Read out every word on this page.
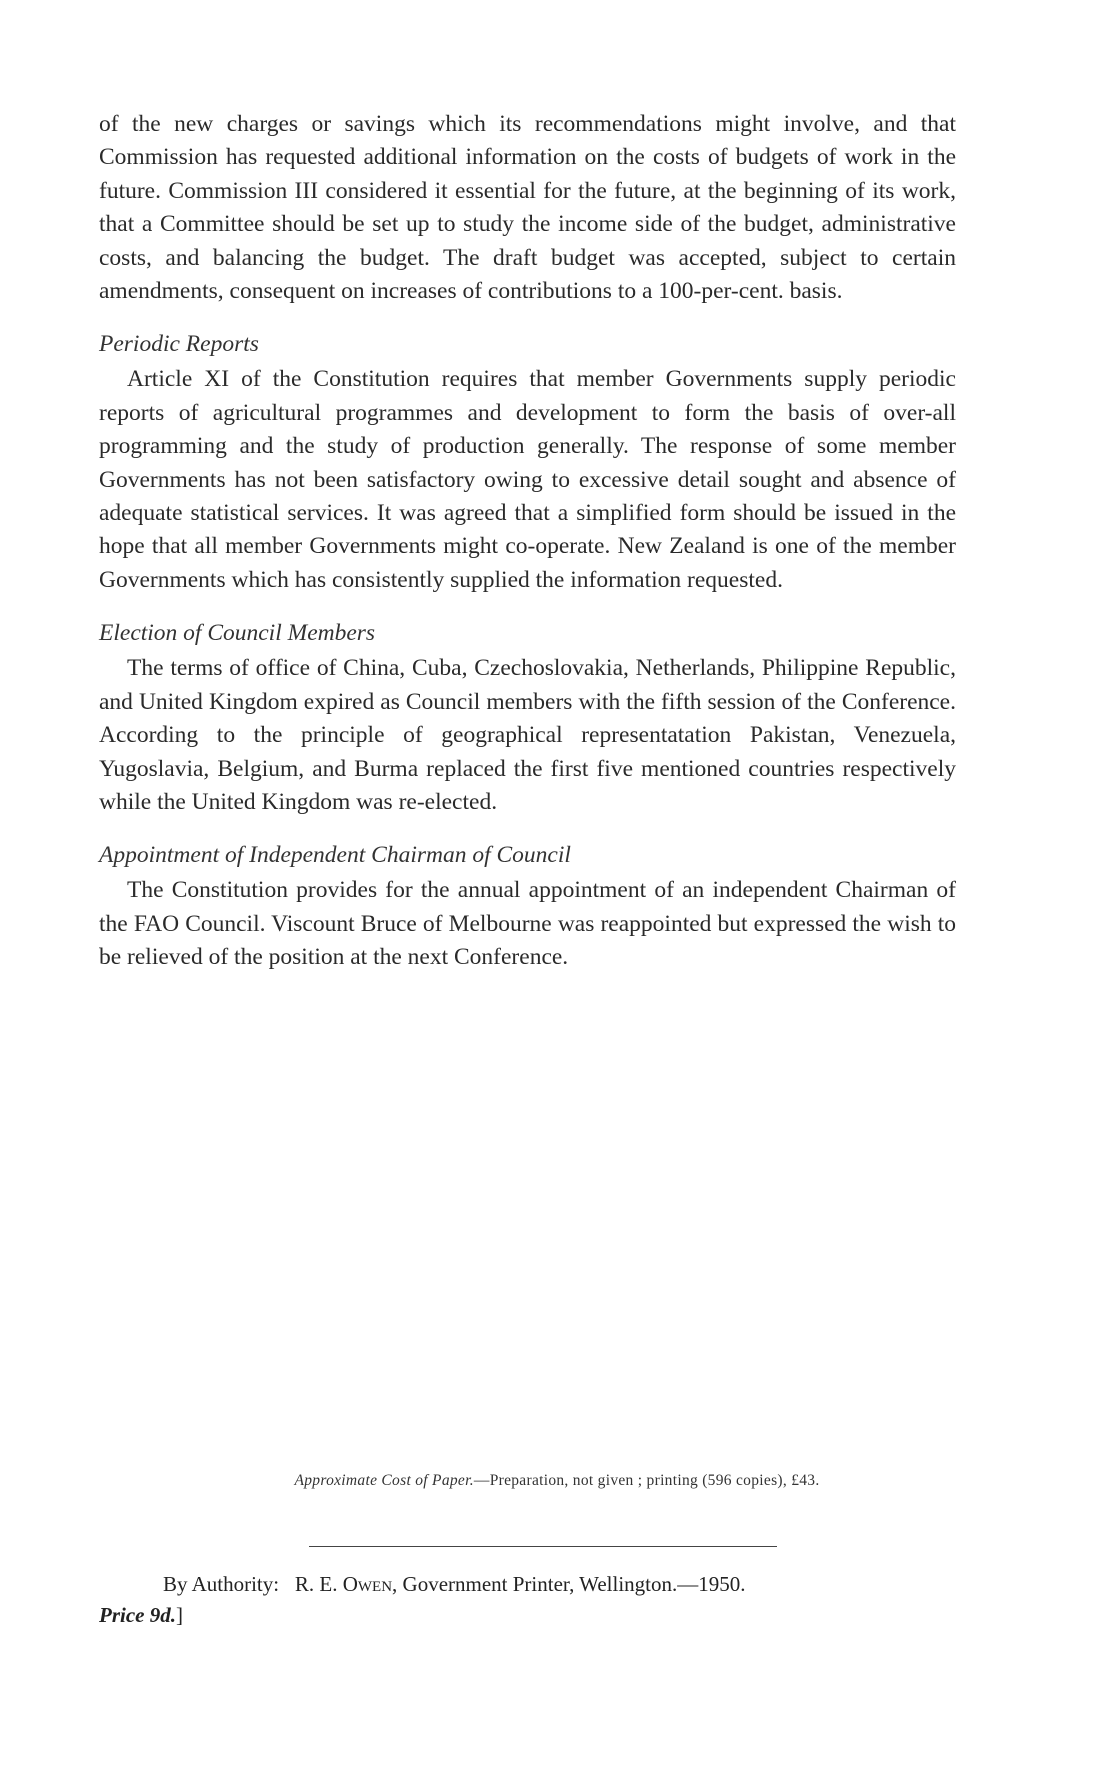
of the new charges or savings which its recommendations might involve, and that Commission has requested additional information on the costs of budgets of work in the future. Commission III considered it essential for the future, at the beginning of its work, that a Committee should be set up to study the income side of the budget, administrative costs, and balancing the budget. The draft budget was accepted, subject to certain amendments, consequent on increases of contributions to a 100-per-cent. basis.

Periodic Reports

Article XI of the Constitution requires that member Governments supply periodic reports of agricultural programmes and development to form the basis of over-all programming and the study of production generally. The response of some member Governments has not been satisfactory owing to excessive detail sought and absence of adequate statistical services. It was agreed that a simplified form should be issued in the hope that all member Governments might co-operate. New Zealand is one of the member Governments which has consistently supplied the information requested.

Election of Council Members

The terms of office of China, Cuba, Czechoslovakia, Netherlands, Philippine Republic, and United Kingdom expired as Council members with the fifth session of the Conference. According to the principle of geographical representatation Pakistan, Venezuela, Yugoslavia, Belgium, and Burma replaced the first five mentioned countries respectively while the United Kingdom was re-elected.

Appointment of Independent Chairman of Council

The Constitution provides for the annual appointment of an independent Chairman of the FAO Council. Viscount Bruce of Melbourne was reappointed but expressed the wish to be relieved of the position at the next Conference.

Approximate Cost of Paper.—Preparation, not given ; printing (596 copies), £43.
By Authority: R. E. Owen, Government Printer, Wellington.—1950.
Price 9d.]
